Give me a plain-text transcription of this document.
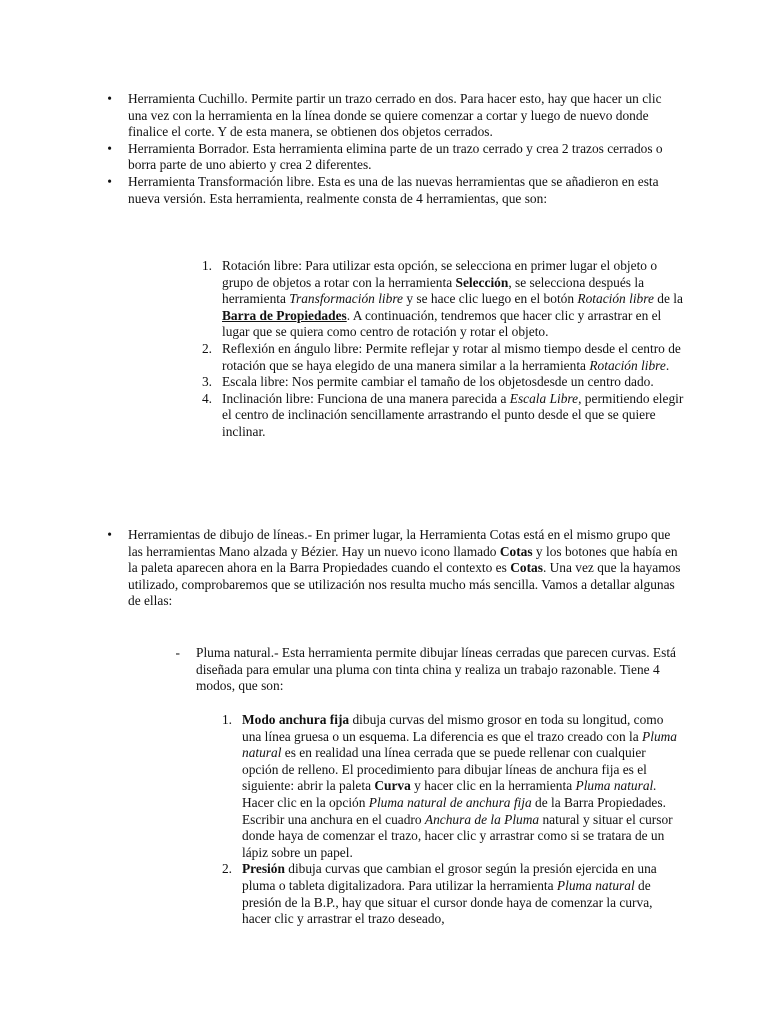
• Herramienta Cuchillo. Permite partir un trazo cerrado en dos. Para hacer esto, hay que hacer un clic una vez con la herramienta en la línea donde se quiere comenzar a cortar y luego de nuevo donde finalice el corte. Y de esta manera, se obtienen dos objetos cerrados.
• Herramienta Borrador. Esta herramienta elimina parte de un trazo cerrado y crea 2 trazos cerrados o borra parte de uno abierto y crea 2 diferentes.
• Herramienta Transformación libre. Esta es una de las nuevas herramientas que se añadieron en esta nueva versión. Esta herramienta, realmente consta de 4 herramientas, que son:
1. Rotación libre: Para utilizar esta opción, se selecciona en primer lugar el objeto o grupo de objetos a rotar con la herramienta Selección, se selecciona después la herramienta Transformación libre y se hace clic luego en el botón Rotación libre de la Barra de Propiedades. A continuación, tendremos que hacer clic y arrastrar en el lugar que se quiera como centro de rotación y rotar el objeto.
2. Reflexión en ángulo libre: Permite reflejar y rotar al mismo tiempo desde el centro de rotación que se haya elegido de una manera similar a la herramienta Rotación libre.
3. Escala libre: Nos permite cambiar el tamaño de los objetosdesde un centro dado.
4. Inclinación libre: Funciona de una manera parecida a Escala Libre, permitiendo elegir el centro de inclinación sencillamente arrastrando el punto desde el que se quiere inclinar.
• Herramientas de dibujo de líneas.- En primer lugar, la Herramienta Cotas está en el mismo grupo que las herramientas Mano alzada y Bézier. Hay un nuevo icono llamado Cotas y los botones que había en la paleta aparecen ahora en la Barra Propiedades cuando el contexto es Cotas. Una vez que la hayamos utilizado, comprobaremos que se utilización nos resulta mucho más sencilla. Vamos a detallar algunas de ellas:
- Pluma natural.- Esta herramienta permite dibujar líneas cerradas que parecen curvas. Está diseñada para emular una pluma con tinta china y realiza un trabajo razonable. Tiene 4 modos, que son:
1. Modo anchura fija dibuja curvas del mismo grosor en toda su longitud, como una línea gruesa o un esquema. La diferencia es que el trazo creado con la Pluma natural es en realidad una línea cerrada que se puede rellenar con cualquier opción de relleno. El procedimiento para dibujar líneas de anchura fija es el siguiente: abrir la paleta Curva y hacer clic en la herramienta Pluma natural. Hacer clic en la opción Pluma natural de anchura fija de la Barra Propiedades. Escribir una anchura en el cuadro Anchura de la Pluma natural y situar el cursor donde haya de comenzar el trazo, hacer clic y arrastrar como si se tratara de un lápiz sobre un papel.
2. Presión dibuja curvas que cambian el grosor según la presión ejercida en una pluma o tableta digitalizadora. Para utilizar la herramienta Pluma natural de presión de la B.P., hay que situar el cursor donde haya de comenzar la curva, hacer clic y arrastrar el trazo deseado,
